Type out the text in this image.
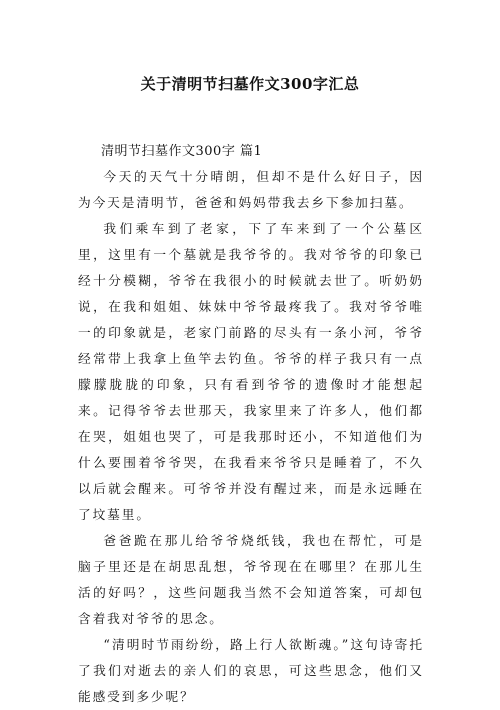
关于清明节扫墓作文300字汇总
清明节扫墓作文300字 篇1

今天的天气十分晴朗，但却不是什么好日子，因为今天是清明节，爸爸和妈妈带我去乡下参加扫墓。

我们乘车到了老家，下了车来到了一个公墓区里，这里有一个墓就是我爷爷的。我对爷爷的印象已经十分模糊，爷爷在我很小的时候就去世了。听奶奶说，在我和姐姐、妹妹中爷爷最疼我了。我对爷爷唯一的印象就是，老家门前路的尽头有一条小河，爷爷经常带上我拿上鱼竿去钓鱼。爷爷的样子我只有一点朦朦胧胧的印象，只有看到爷爷的遗像时才能想起来。记得爷爷去世那天，我家里来了许多人，他们都在哭，姐姐也哭了，可是我那时还小，不知道他们为什么要围着爷爷哭，在我看来爷爷只是睡着了，不久以后就会醒来。可爷爷并没有醒过来，而是永远睡在了坟墓里。

爸爸跪在那儿给爷爷烧纸钱，我也在帮忙，可是脑子里还是在胡思乱想，爷爷现在在哪里？在那儿生活的好吗？，这些问题我当然不会知道答案，可却包含着我对爷爷的思念。

“清明时节雨纷纷，路上行人欲断魂。”这句诗寄托了我们对逝去的亲人们的哀思，可这些思念，他们又能感受到多少呢？
